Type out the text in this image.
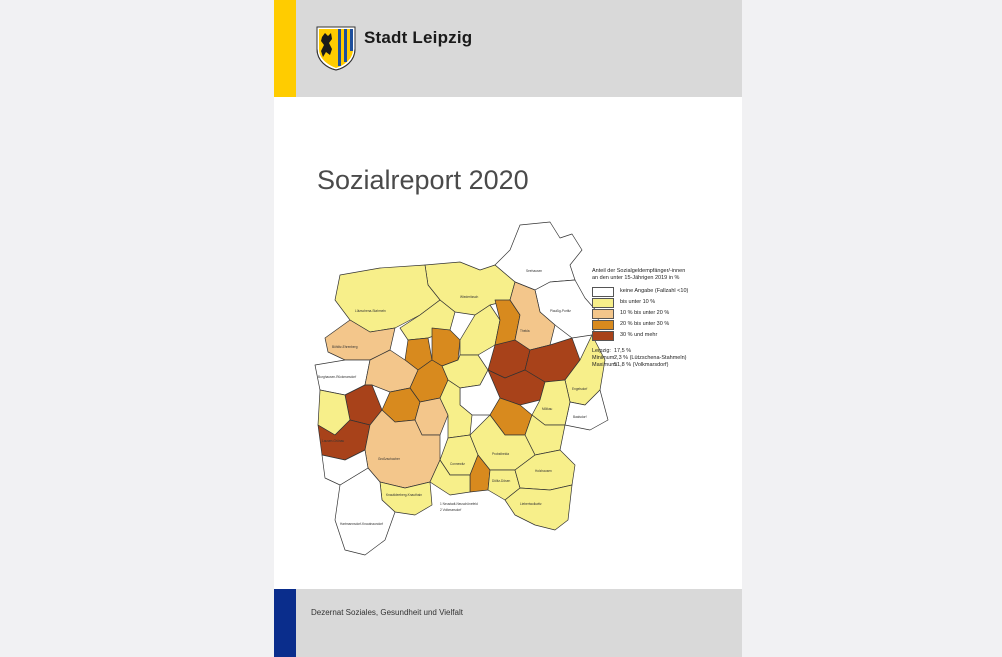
Stadt Leipzig
Sozialreport 2020
Seehausen
Plaußig-Portitz
Wiederitzsch
Lützschena-Stahmeln
Böhlitz-Ehrenberg
Burghausen-Rückmarsdorf
Thekla
Engelsdorf
Baalsdorf
Mölkau
Connewitz
Probstheida
Dölitz-Dösen
Holzhausen
Liebertwolkwitz
Großzschocher
Knautkleeberg-Knauthain
Hartmannsdorf-Knautnaundorf
Lausen-Grünau
1 Neustadt-Neuschönefeld
2 Volkmarsdorf
Anteil der Sozialgeldempfänger/-innen
an den unter 15-Jährigen 2019 in %
keine Angabe (Fallzahl <10)
bis unter 10 %
10 % bis unter 20 %
20 % bis unter 30 %
30 % und mehr
Leipzig: 17,5 %
Minimum:
2,3 % (Lützschena-Stahmeln)
Maximum:
51,8 % (Volkmarsdorf)
Dezernat Soziales, Gesundheit und Vielfalt
